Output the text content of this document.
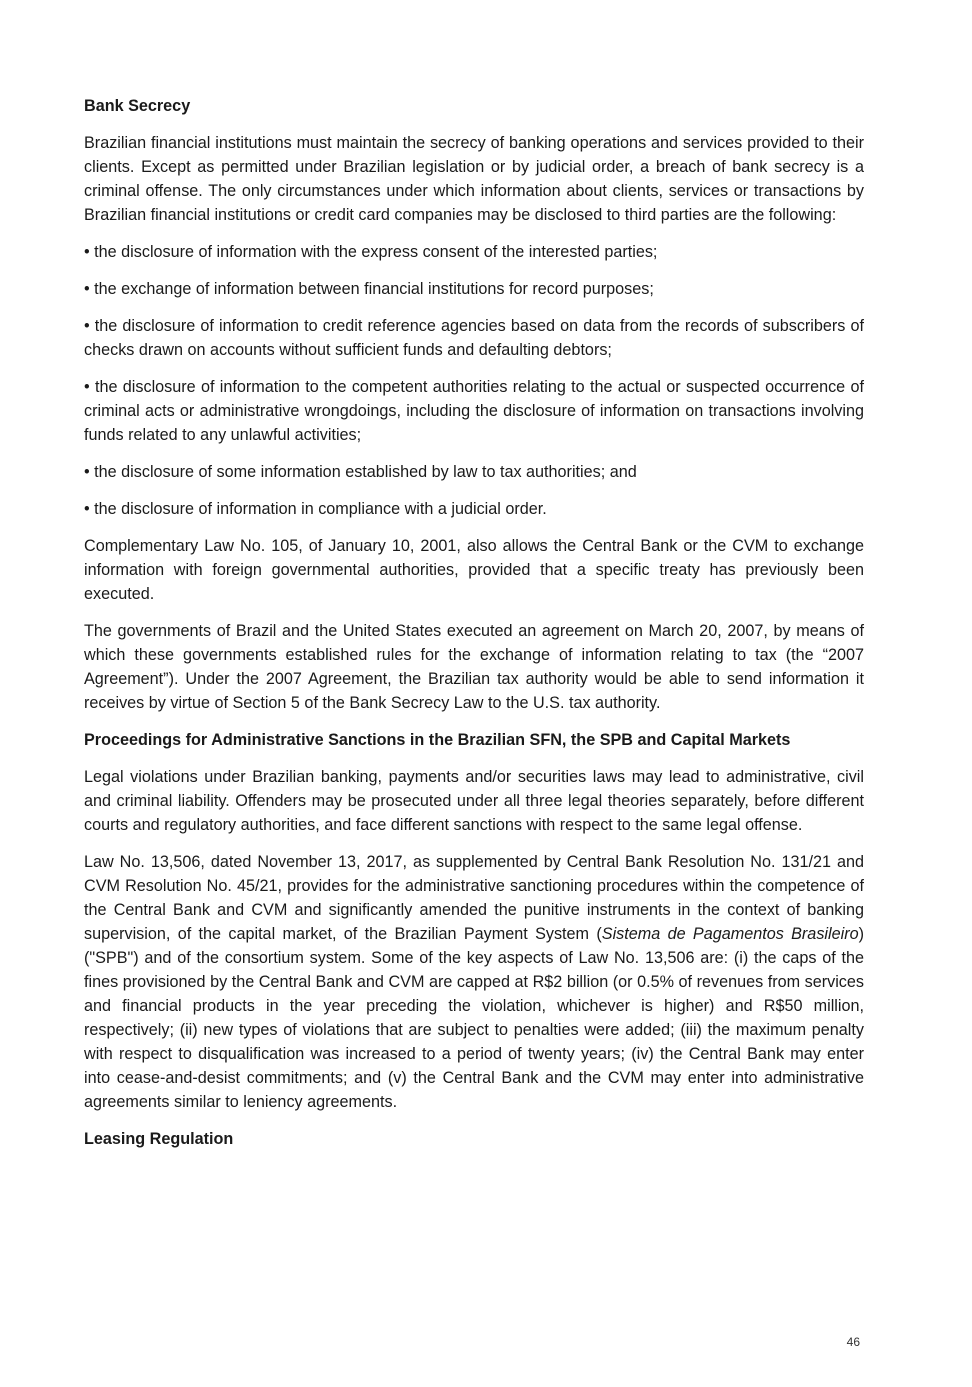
Bank Secrecy

Brazilian financial institutions must maintain the secrecy of banking operations and services provided to their clients. Except as permitted under Brazilian legislation or by judicial order, a breach of bank secrecy is a criminal offense. The only circumstances under which information about clients, services or transactions by Brazilian financial institutions or credit card companies may be disclosed to third parties are the following:

• the disclosure of information with the express consent of the interested parties;

• the exchange of information between financial institutions for record purposes;

• the disclosure of information to credit reference agencies based on data from the records of subscribers of checks drawn on accounts without sufficient funds and defaulting debtors;

• the disclosure of information to the competent authorities relating to the actual or suspected occurrence of criminal acts or administrative wrongdoings, including the disclosure of information on transactions involving funds related to any unlawful activities;

• the disclosure of some information established by law to tax authorities; and

• the disclosure of information in compliance with a judicial order.

Complementary Law No. 105, of January 10, 2001, also allows the Central Bank or the CVM to exchange information with foreign governmental authorities, provided that a specific treaty has previously been executed.

The governments of Brazil and the United States executed an agreement on March 20, 2007, by means of which these governments established rules for the exchange of information relating to tax (the “2007 Agreement”). Under the 2007 Agreement, the Brazilian tax authority would be able to send information it receives by virtue of Section 5 of the Bank Secrecy Law to the U.S. tax authority.

Proceedings for Administrative Sanctions in the Brazilian SFN, the SPB and Capital Markets

Legal violations under Brazilian banking, payments and/or securities laws may lead to administrative, civil and criminal liability. Offenders may be prosecuted under all three legal theories separately, before different courts and regulatory authorities, and face different sanctions with respect to the same legal offense.

Law No. 13,506, dated November 13, 2017, as supplemented by Central Bank Resolution No. 131/21 and CVM Resolution No. 45/21, provides for the administrative sanctioning procedures within the competence of the Central Bank and CVM and significantly amended the punitive instruments in the context of banking supervision, of the capital market, of the Brazilian Payment System (Sistema de Pagamentos Brasileiro) ("SPB") and of the consortium system. Some of the key aspects of Law No. 13,506 are: (i) the caps of the fines provisioned by the Central Bank and CVM are capped at R$2 billion (or 0.5% of revenues from services and financial products in the year preceding the violation, whichever is higher) and R$50 million, respectively; (ii) new types of violations that are subject to penalties were added; (iii) the maximum penalty with respect to disqualification was increased to a period of twenty years; (iv) the Central Bank may enter into cease-and-desist commitments; and (v) the Central Bank and the CVM may enter into administrative agreements similar to leniency agreements.

Leasing Regulation

46
